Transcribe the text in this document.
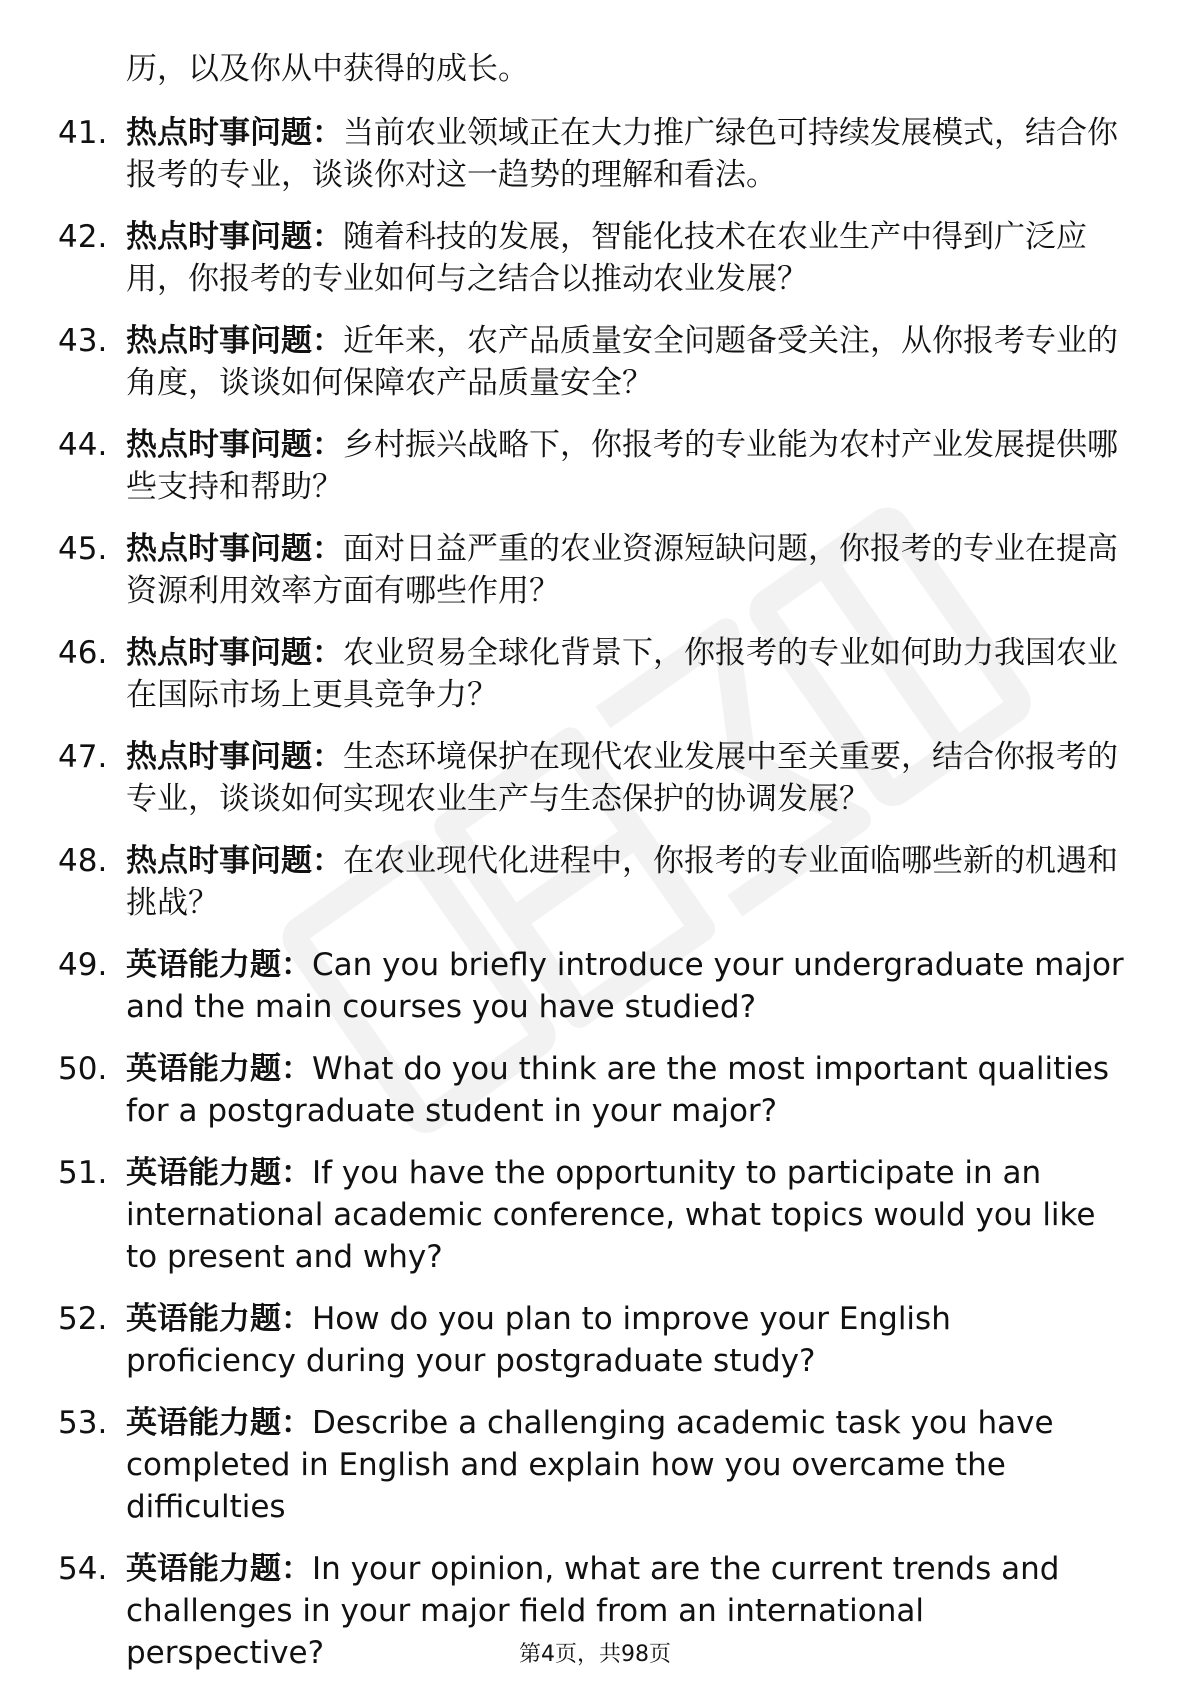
历，以及你从中获得的成长。
41. 热点时事问题：当前农业领域正在大力推广绿色可持续发展模式，结合你报考的专业，谈谈你对这一趋势的理解和看法。
42. 热点时事问题：随着科技的发展，智能化技术在农业生产中得到广泛应用，你报考的专业如何与之结合以推动农业发展？
43. 热点时事问题：近年来，农产品质量安全问题备受关注，从你报考专业的角度，谈谈如何保障农产品质量安全？
44. 热点时事问题：乡村振兴战略下，你报考的专业能为农村产业发展提供哪些支持和帮助？
45. 热点时事问题：面对日益严重的农业资源短缺问题，你报考的专业在提高资源利用效率方面有哪些作用？
46. 热点时事问题：农业贸易全球化背景下，你报考的专业如何助力我国农业在国际市场上更具竞争力？
47. 热点时事问题：生态环境保护在现代农业发展中至关重要，结合你报考的专业，谈谈如何实现农业生产与生态保护的协调发展？
48. 热点时事问题：在农业现代化进程中，你报考的专业面临哪些新的机遇和挑战？
49. 英语能力题：Can you briefly introduce your undergraduate major and the main courses you have studied?
50. 英语能力题：What do you think are the most important qualities for a postgraduate student in your major?
51. 英语能力题：If you have the opportunity to participate in an international academic conference, what topics would you like to present and why?
52. 英语能力题：How do you plan to improve your English proficiency during your postgraduate study?
53. 英语能力题：Describe a challenging academic task you have completed in English and explain how you overcame the difficulties
54. 英语能力题：In your opinion, what are the current trends and challenges in your major field from an international perspective?	第4页，共98页
